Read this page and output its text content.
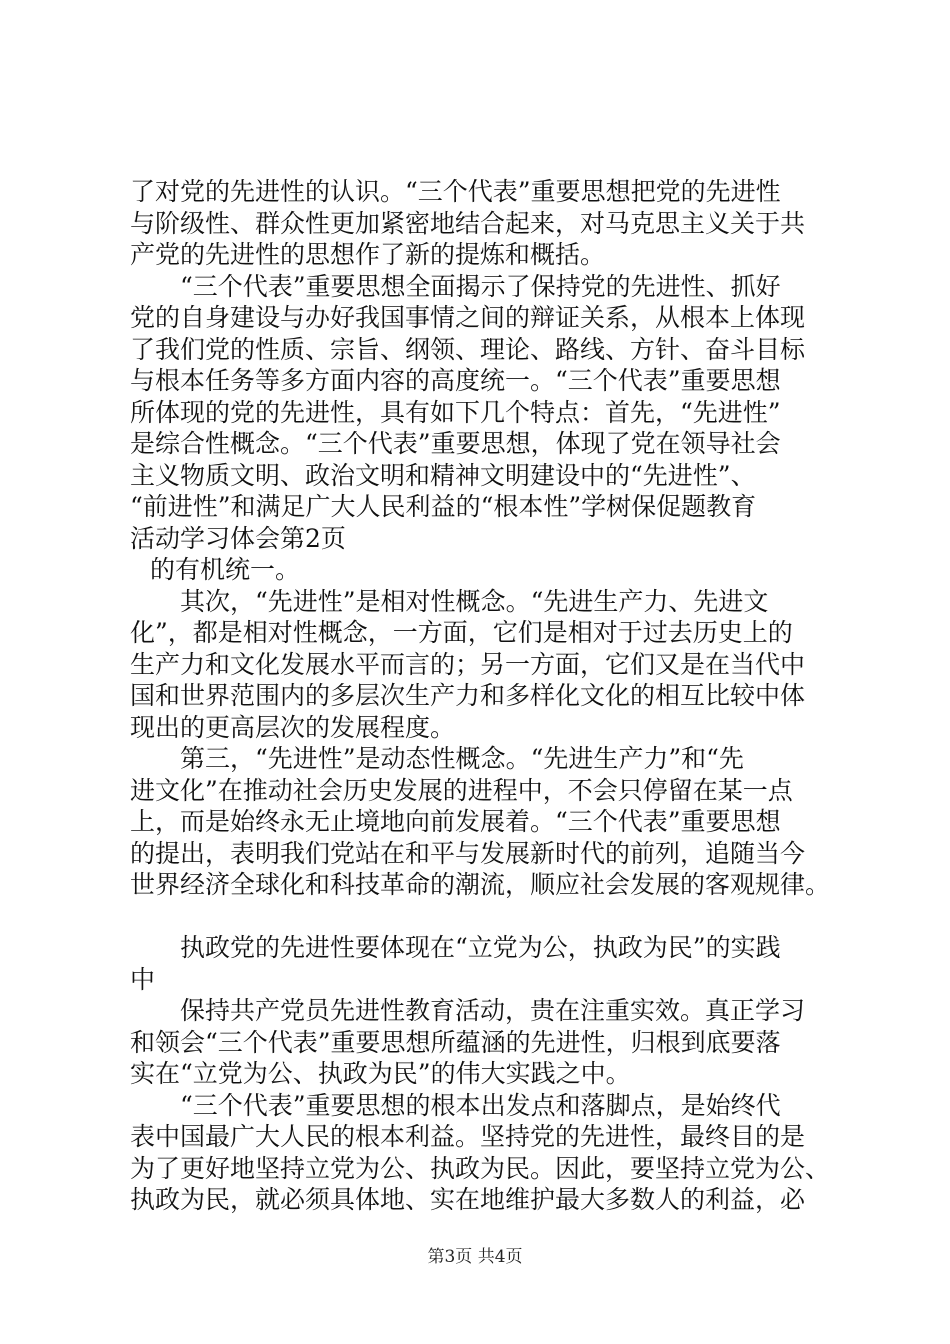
了对党的先进性的认识。“三个代表”重要思想把党的先进性
与阶级性、群众性更加紧密地结合起来，对马克思主义关于共
产党的先进性的思想作了新的提炼和概括。
“三个代表”重要思想全面揭示了保持党的先进性、抓好
党的自身建设与办好我国事情之间的辩证关系，从根本上体现
了我们党的性质、宗旨、纲领、理论、路线、方针、奋斗目标
与根本任务等多方面内容的高度统一。“三个代表”重要思想
所体现的党的先进性，具有如下几个特点：首先，“先进性”
是综合性概念。“三个代表”重要思想，体现了党在领导社会
主义物质文明、政治文明和精神文明建设中的“先进性”、
“前进性”和满足广大人民利益的“根本性”学树保促题教育
活动学习体会第2页
的有机统一。
其次，“先进性”是相对性概念。“先进生产力、先进文
化”，都是相对性概念，一方面，它们是相对于过去历史上的
生产力和文化发展水平而言的；另一方面，它们又是在当代中
国和世界范围内的多层次生产力和多样化文化的相互比较中体
现出的更高层次的发展程度。
第三，“先进性”是动态性概念。“先进生产力”和“先
进文化”在推动社会历史发展的进程中，不会只停留在某一点
上，而是始终永无止境地向前发展着。“三个代表”重要思想
的提出，表明我们党站在和平与发展新时代的前列，追随当今
世界经济全球化和科技革命的潮流，顺应社会发展的客观规律。
执政党的先进性要体现在“立党为公，执政为民”的实践
中
保持共产党员先进性教育活动，贵在注重实效。真正学习
和领会“三个代表”重要思想所蕴涵的先进性，归根到底要落
实在“立党为公、执政为民”的伟大实践之中。
“三个代表”重要思想的根本出发点和落脚点，是始终代
表中国最广大人民的根本利益。坚持党的先进性，最终目的是
为了更好地坚持立党为公、执政为民。因此，要坚持立党为公、
执政为民，就必须具体地、实在地维护最大多数人的利益，必
第3页 共4页
